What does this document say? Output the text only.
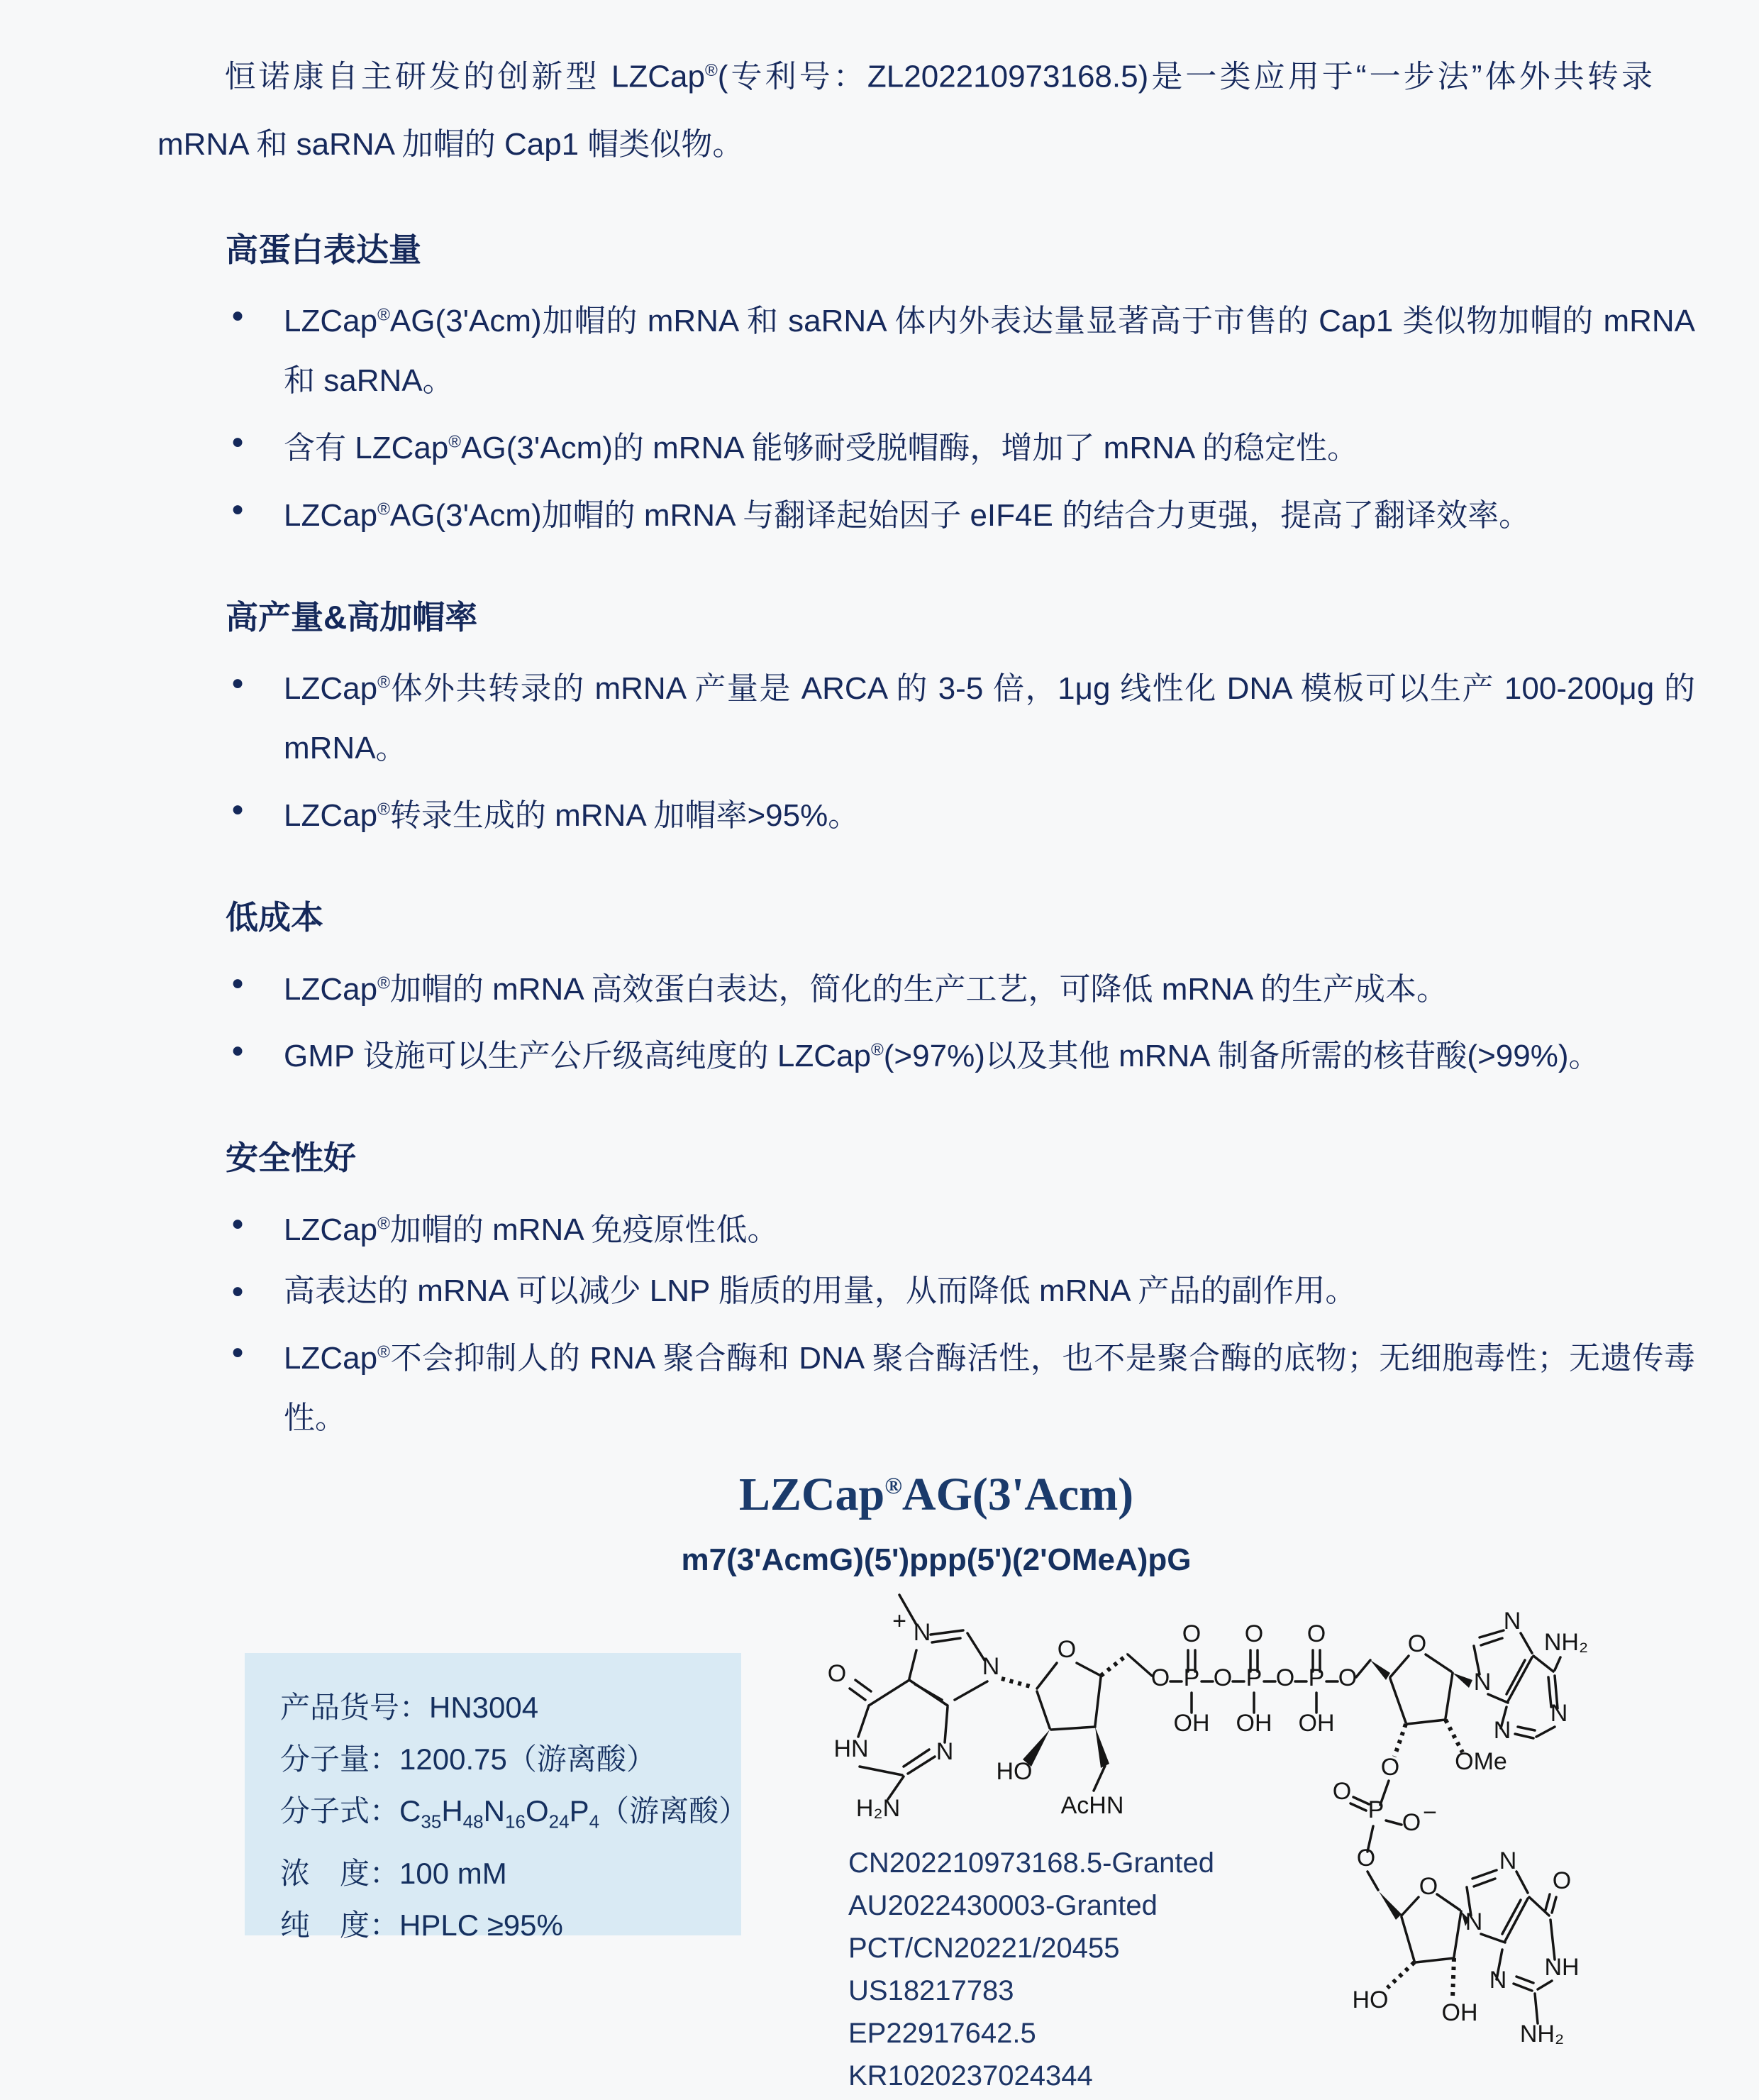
恒诺康自主研发的创新型 LZCap®(专利号：ZL202210973168.5)是一类应用于“一步法”体外共转录 mRNA 和 saRNA 加帽的 Cap1 帽类似物。

高蛋白表达量
● LZCap®AG(3'Acm)加帽的 mRNA 和 saRNA 体内外表达量显著高于市售的 Cap1 类似物加帽的 mRNA 和 saRNA。
● 含有 LZCap®AG(3'Acm)的 mRNA 能够耐受脱帽酶，增加了 mRNA 的稳定性。
● LZCap®AG(3'Acm)加帽的 mRNA 与翻译起始因子 eIF4E 的结合力更强，提高了翻译效率。
高产量&高加帽率
● LZCap®体外共转录的 mRNA 产量是 ARCA 的 3-5 倍，1μg 线性化 DNA 模板可以生产 100-200μg 的 mRNA。
● LZCap®转录生成的 mRNA 加帽率>95%。
低成本
● LZCap®加帽的 mRNA 高效蛋白表达，简化的生产工艺，可降低 mRNA 的生产成本。
● GMP 设施可以生产公斤级高纯度的 LZCap®(>97%)以及其他 mRNA 制备所需的核苷酸(>99%)。
安全性好
● LZCap®加帽的 mRNA 免疫原性低。
● 高表达的 mRNA 可以减少 LNP 脂质的用量，从而降低 mRNA 产品的副作用。
● LZCap®不会抑制人的 RNA 聚合酶和 DNA 聚合酶活性，也不是聚合酶的底物；无细胞毒性；无遗传毒性。
LZCap®AG(3'Acm)
m7(3'AcmG)(5')ppp(5')(2'OMeA)pG
产品货号：HN3004
分子量：1200.75（游离酸）
分子式：$C_{35}H_{48}N_{16}O_{24}P_4$（游离酸）
浓　度：100 mM
纯　度：HPLC ≥95%
CN202210973168.5-Granted
AU2022430003-Granted
PCT/CN20221/20455
US18217783
EP22917642.5
KR1020237024344
O
+ N
N
HN	N
H₂N
HO
AcHN
O
O P
O
OH
O P
O
OH
O P
O
OH
O
O
OMe
O
N
N
NH₂
N
N
O
P O −
O
O
HO OH
N
N
O
NH
N
NH₂
